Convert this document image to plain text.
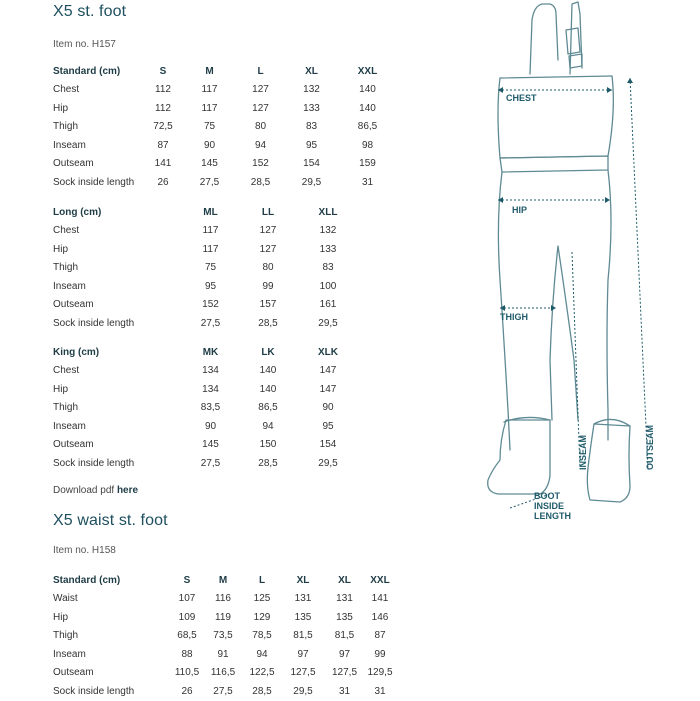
X5 st. foot
Item no. H157
Standard (cm)	S	M	L	XL	XXL
Chest	112	117	127	132	140
Hip	112	117	127	133	140
Thigh	72,5	75	80	83	86,5
Inseam	87	90	94	95	98
Outseam	141	145	152	154	159
Sock inside length	26	27,5	28,5	29,5	31
Long (cm)	ML	LL	XLL
Chest	117	127	132
Hip	117	127	133
Thigh	75	80	83
Inseam	95	99	100
Outseam	152	157	161
Sock inside length	27,5	28,5	29,5
King (cm)	MK	LK	XLK
Chest	134	140	147
Hip	134	140	147
Thigh	83,5	86,5	90
Inseam	90	94	95
Outseam	145	150	154
Sock inside length	27,5	28,5	29,5
Download pdf here
X5 waist st. foot
Item no. H158
Standard (cm)	S	M	L	XL	XL	XXL
Waist	107	116	125	131	131	141
Hip	109	119	129	135	135	146
Thigh	68,5	73,5	78,5	81,5	81,5	87
Inseam	88	91	94	97	97	99
Outseam	110,5	116,5	122,5	127,5	127,5	129,5
Sock inside length	26	27,5	28,5	29,5	31	31
CHEST
HIP
THIGH
INSEAM	OUTSEAM
BOOT
INSIDE
LENGTH
